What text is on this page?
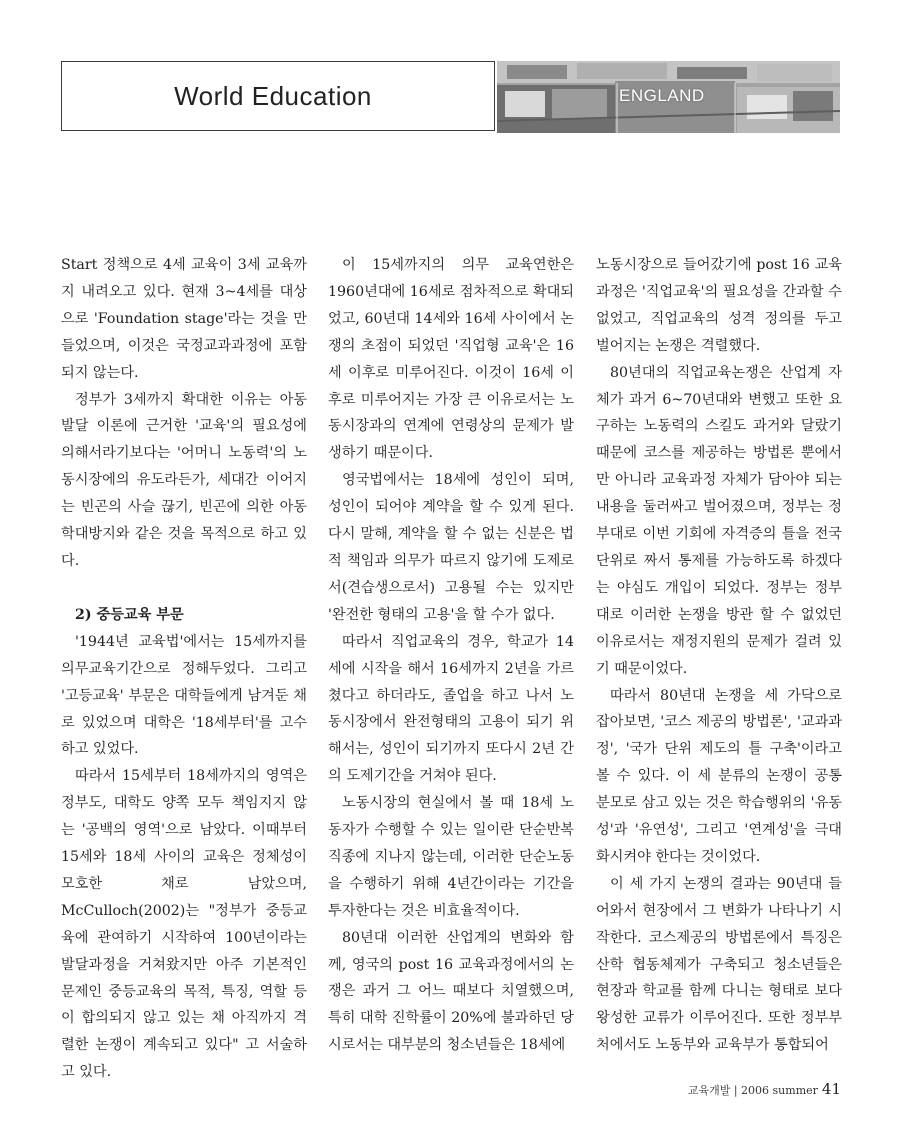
World Education	ENGLAND

Start 정책으로 4세 교육이 3세 교육까지 내려오고 있다. 현재 3~4세를 대상으로 'Foundation stage'라는 것을 만들었으며, 이것은 국정교과과정에 포함되지 않는다.

정부가 3세까지 확대한 이유는 아동발달 이론에 근거한 '교육'의 필요성에 의해서라기보다는 '어머니 노동력'의 노동시장에의 유도라든가, 세대간 이어지는 빈곤의 사슬 끊기, 빈곤에 의한 아동 학대방지와 같은 것을 목적으로 하고 있다.

2) 중등교육 부문

'1944년 교육법'에서는 15세까지를 의무교육기간으로 정해두었다. 그리고 '고등교육' 부문은 대학들에게 남겨둔 채로 있었으며 대학은 '18세부터'를 고수하고 있었다.

따라서 15세부터 18세까지의 영역은 정부도, 대학도 양쪽 모두 책임지지 않는 '공백의 영역'으로 남았다. 이때부터 15세와 18세 사이의 교육은 정체성이 모호한 채로 남았으며, McCulloch(2002)는 "정부가 중등교육에 관여하기 시작하여 100년이라는 발달과정을 거쳐왔지만 아주 기본적인 문제인 중등교육의 목적, 특징, 역할 등이 합의되지 않고 있는 채 아직까지 격렬한 논쟁이 계속되고 있다" 고 서술하고 있다.

이 15세까지의 의무 교육연한은 1960년대에 16세로 점차적으로 확대되었고, 60년대 14세와 16세 사이에서 논쟁의 초점이 되었던 '직업형 교육'은 16세 이후로 미루어진다. 이것이 16세 이후로 미루어지는 가장 큰 이유로서는 노동시장과의 연계에 연령상의 문제가 발생하기 때문이다.

영국법에서는 18세에 성인이 되며, 성인이 되어야 계약을 할 수 있게 된다. 다시 말해, 계약을 할 수 없는 신분은 법적 책임과 의무가 따르지 않기에 도제로서(견습생으로서) 고용될 수는 있지만 '완전한 형태의 고용'을 할 수가 없다.

따라서 직업교육의 경우, 학교가 14세에 시작을 해서 16세까지 2년을 가르쳤다고 하더라도, 졸업을 하고 나서 노동시장에서 완전형태의 고용이 되기 위해서는, 성인이 되기까지 또다시 2년 간의 도제기간을 거쳐야 된다.

노동시장의 현실에서 볼 때 18세 노동자가 수행할 수 있는 일이란 단순반복 직종에 지나지 않는데, 이러한 단순노동을 수행하기 위해 4년간이라는 기간을 투자한다는 것은 비효율적이다.

80년대 이러한 산업계의 변화와 함께, 영국의 post 16 교육과정에서의 논쟁은 과거 그 어느 때보다 치열했으며, 특히 대학 진학률이 20%에 불과하던 당시로서는 대부분의 청소년들은 18세에

노동시장으로 들어갔기에 post 16 교육과정은 '직업교육'의 필요성을 간과할 수 없었고, 직업교육의 성격 정의를 두고 벌어지는 논쟁은 격렬했다.

80년대의 직업교육논쟁은 산업계 자체가 과거 6~70년대와 변했고 또한 요구하는 노동력의 스킬도 과거와 달랐기 때문에 코스를 제공하는 방법론 뿐에서만 아니라 교육과정 자체가 담아야 되는 내용을 둘러싸고 벌어졌으며, 정부는 정부대로 이번 기회에 자격증의 틀을 전국 단위로 짜서 통제를 가능하도록 하겠다는 야심도 개입이 되었다. 정부는 정부대로 이러한 논쟁을 방관 할 수 없었던 이유로서는 재정지원의 문제가 걸려 있기 때문이었다.

따라서 80년대 논쟁을 세 가닥으로 잡아보면, '코스 제공의 방법론', '교과과정', '국가 단위 제도의 틀 구축'이라고 볼 수 있다. 이 세 분류의 논쟁이 공통 분모로 삼고 있는 것은 학습행위의 '유동성'과 '유연성', 그리고 '연계성'을 극대화시켜야 한다는 것이었다.

이 세 가지 논쟁의 결과는 90년대 들어와서 현장에서 그 변화가 나타나기 시작한다. 코스제공의 방법론에서 특징은 산학 협동체제가 구축되고 청소년들은 현장과 학교를 함께 다니는 형태로 보다 왕성한 교류가 이루어진다. 또한 정부부처에서도 노동부와 교육부가 통합되어

교육개발 | 2006 summer 41
